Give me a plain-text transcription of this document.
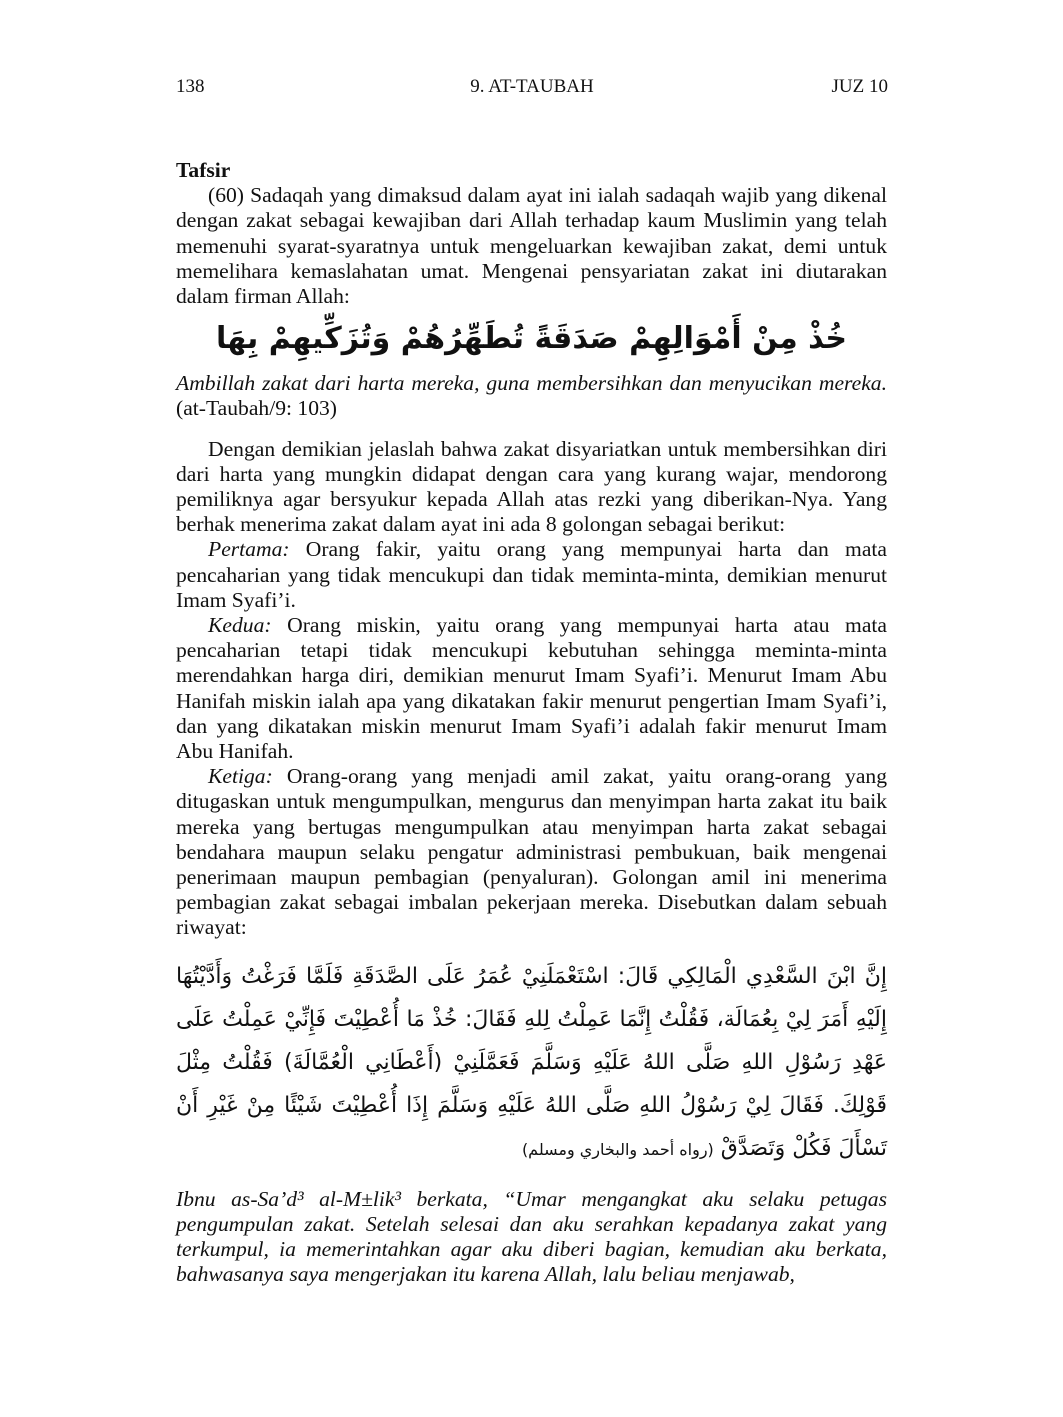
138	9. AT-TAUBAH	JUZ 10

Tafsir

(60) Sadaqah yang dimaksud dalam ayat ini ialah sadaqah wajib yang dikenal dengan zakat sebagai kewajiban dari Allah terhadap kaum Muslimin yang telah memenuhi syarat-syaratnya untuk mengeluarkan kewajiban zakat, demi untuk memelihara kemaslahatan umat. Mengenai pensyariatan zakat ini diutarakan dalam firman Allah:

خُذْ مِنْ أَمْوَالِهِمْ صَدَقَةً تُطَهِّرُهُمْ وَتُزَكِّيهِمْ بِهَا

Ambillah zakat dari harta mereka, guna membersihkan dan menyucikan mereka. (at-Taubah/9: 103)

Dengan demikian jelaslah bahwa zakat disyariatkan untuk membersihkan diri dari harta yang mungkin didapat dengan cara yang kurang wajar, mendorong pemiliknya agar bersyukur kepada Allah atas rezki yang diberikan-Nya. Yang berhak menerima zakat dalam ayat ini ada 8 golongan sebagai berikut:

Pertama: Orang fakir, yaitu orang yang mempunyai harta dan mata pencaharian yang tidak mencukupi dan tidak meminta-minta, demikian menurut Imam Syafi’i.

Kedua: Orang miskin, yaitu orang yang mempunyai harta atau mata pencaharian tetapi tidak mencukupi kebutuhan sehingga meminta-minta merendahkan harga diri, demikian menurut Imam Syafi’i. Menurut Imam Abu Hanifah miskin ialah apa yang dikatakan fakir menurut pengertian Imam Syafi’i, dan yang dikatakan miskin menurut Imam Syafi’i adalah fakir menurut Imam Abu Hanifah.

Ketiga: Orang-orang yang menjadi amil zakat, yaitu orang-orang yang ditugaskan untuk mengumpulkan, mengurus dan menyimpan harta zakat itu baik mereka yang bertugas mengumpulkan atau menyimpan harta zakat sebagai bendahara maupun selaku pengatur administrasi pembukuan, baik mengenai penerimaan maupun pembagian (penyaluran). Golongan amil ini menerima pembagian zakat sebagai imbalan pekerjaan mereka. Disebutkan dalam sebuah riwayat:

إِنَّ ابْنَ السَّعْدِي الْمَالِكِي قَالَ: اسْتَعْمَلَنِيْ عُمَرُ عَلَى الصَّدَقَةِ فَلَمَّا فَرَغْتُ وَأَدَّيْتُهَا إِلَيْهِ أَمَرَ لِيْ بِعُمَالَة، فَقُلْتُ إِنَّمَا عَمِلْتُ لِلهِ فَقَالَ: خُذْ مَا أُعْطِيْتَ فَإِنِّيْ عَمِلْتُ عَلَى عَهْدِ رَسُوْلِ اللهِ صَلَّى اللهُ عَلَيْهِ وَسَلَّمَ فَعَمَّلَنِيْ (أَعْطَانِي الْعُمَّالَةَ) فَقُلْتُ مِثْلَ قَوْلِكَ. فَقَالَ لِيْ رَسُوْلُ اللهِ صَلَّى اللهُ عَلَيْهِ وَسَلَّمَ إِذَا أُعْطِيْتَ شَيْئًا مِنْ غَيْرِ أَنْ تَسْأَلَ فَكُلْ وَتَصَدَّقْ (رواه أحمد والبخاري ومسلم)

Ibnu as-Sa’d³ al-M±lik³ berkata, “Umar mengangkat aku selaku petugas pengumpulan zakat. Setelah selesai dan aku serahkan kepadanya zakat yang terkumpul, ia memerintahkan agar aku diberi bagian, kemudian aku berkata, bahwasanya saya mengerjakan itu karena Allah, lalu beliau menjawab,
